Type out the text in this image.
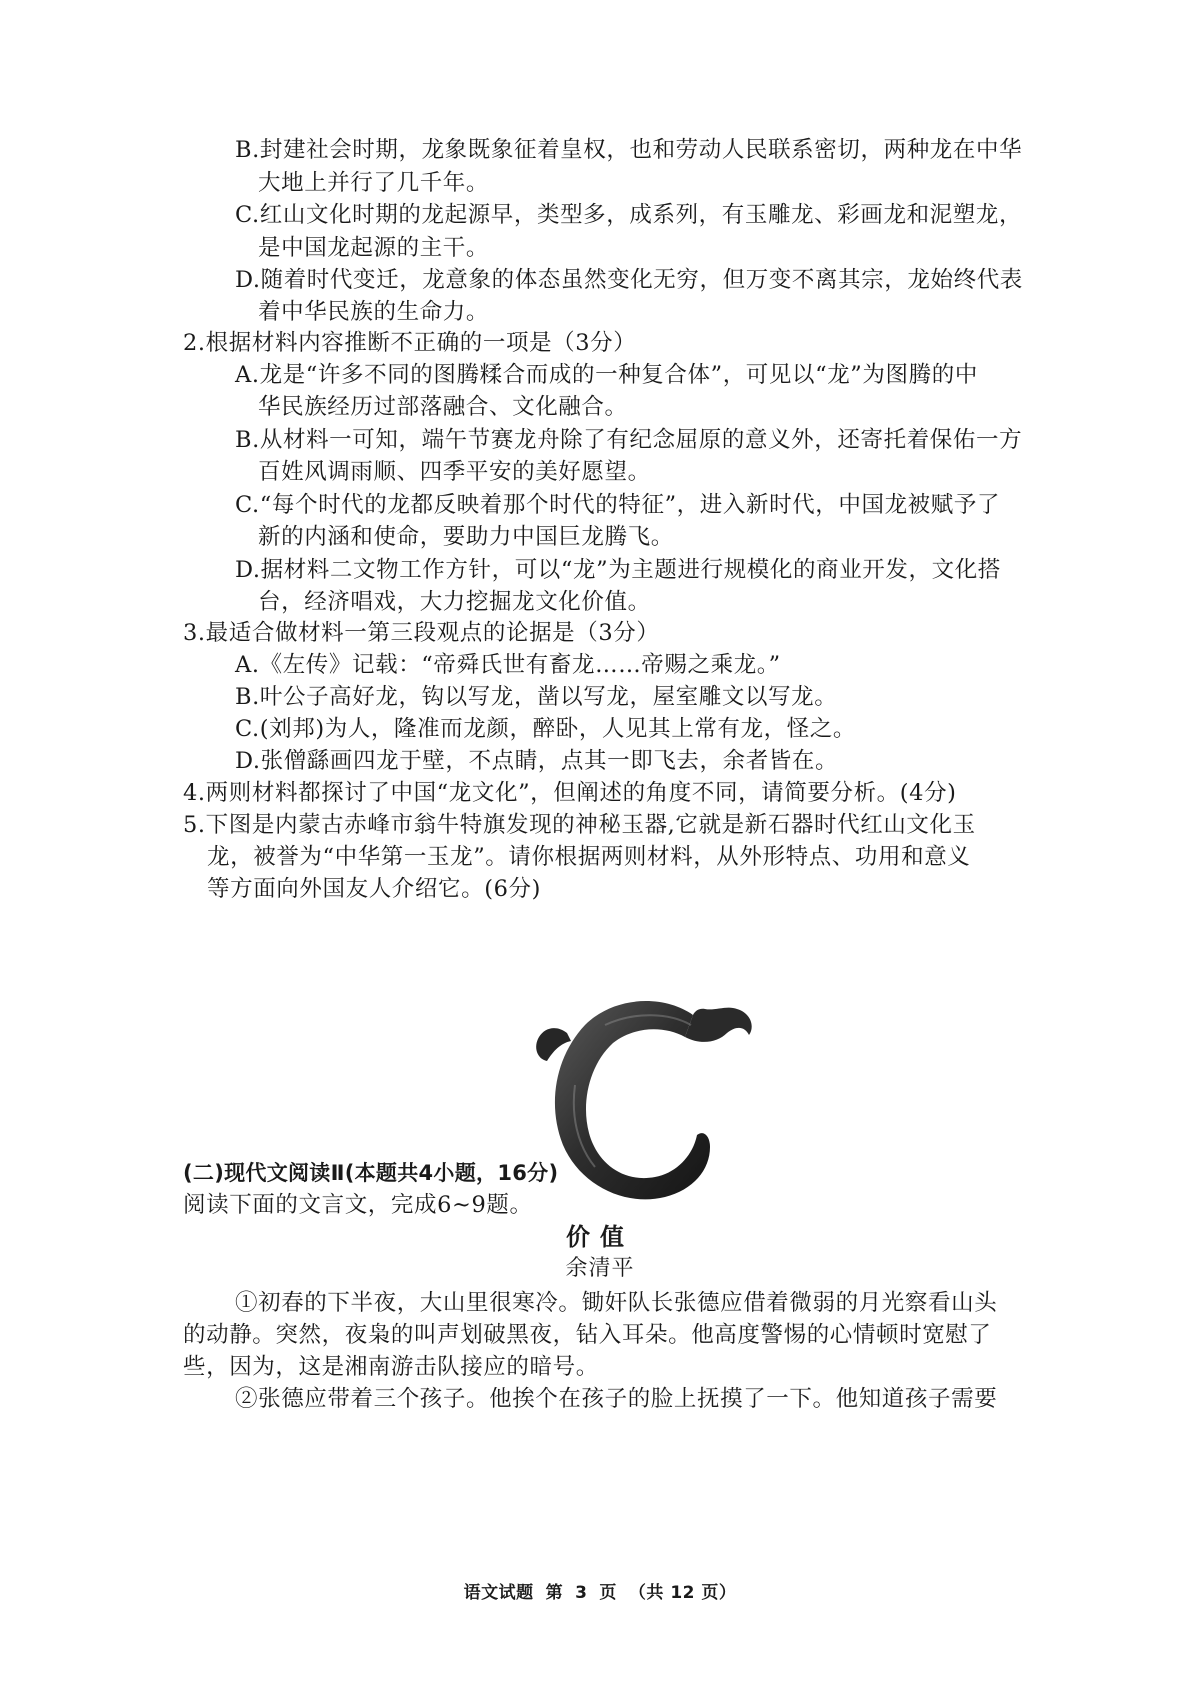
B.封建社会时期，龙象既象征着皇权，也和劳动人民联系密切，两种龙在中华
大地上并行了几千年。
C.红山文化时期的龙起源早，类型多，成系列，有玉雕龙、彩画龙和泥塑龙，
是中国龙起源的主干。
D.随着时代变迁，龙意象的体态虽然变化无穷，但万变不离其宗，龙始终代表
着中华民族的生命力。
2.根据材料内容推断不正确的一项是（3分）
A.龙是“许多不同的图腾糅合而成的一种复合体”，可见以“龙”为图腾的中
华民族经历过部落融合、文化融合。
B.从材料一可知，端午节赛龙舟除了有纪念屈原的意义外，还寄托着保佑一方
百姓风调雨顺、四季平安的美好愿望。
C.“每个时代的龙都反映着那个时代的特征”，进入新时代，中国龙被赋予了
新的内涵和使命，要助力中国巨龙腾飞。
D.据材料二文物工作方针，可以“龙”为主题进行规模化的商业开发，文化搭
台，经济唱戏，大力挖掘龙文化价值。
3.最适合做材料一第三段观点的论据是（3分）
A.《左传》记载：“帝舜氏世有畜龙……帝赐之乘龙。”
B.叶公子高好龙，钩以写龙，凿以写龙，屋室雕文以写龙。
C.(刘邦)为人，隆准而龙颜，醉卧，人见其上常有龙，怪之。
D.张僧繇画四龙于壁，不点睛，点其一即飞去，余者皆在。
4.两则材料都探讨了中国“龙文化”，但阐述的角度不同，请简要分析。(4分)
5.下图是内蒙古赤峰市翁牛特旗发现的神秘玉器,它就是新石器时代红山文化玉
龙，被誉为“中华第一玉龙”。请你根据两则材料，从外形特点、功用和意义
等方面向外国友人介绍它。(6分)
(二)现代文阅读Ⅱ(本题共4小题，16分)
阅读下面的文言文，完成6~9题。
价值
余清平
①初春的下半夜，大山里很寒冷。锄奸队长张德应借着微弱的月光察看山头
的动静。突然，夜枭的叫声划破黑夜，钻入耳朵。他高度警惕的心情顿时宽慰了
些，因为，这是湘南游击队接应的暗号。
②张德应带着三个孩子。他挨个在孩子的脸上抚摸了一下。他知道孩子需要
语文试题 第 3 页 （共 12 页）
